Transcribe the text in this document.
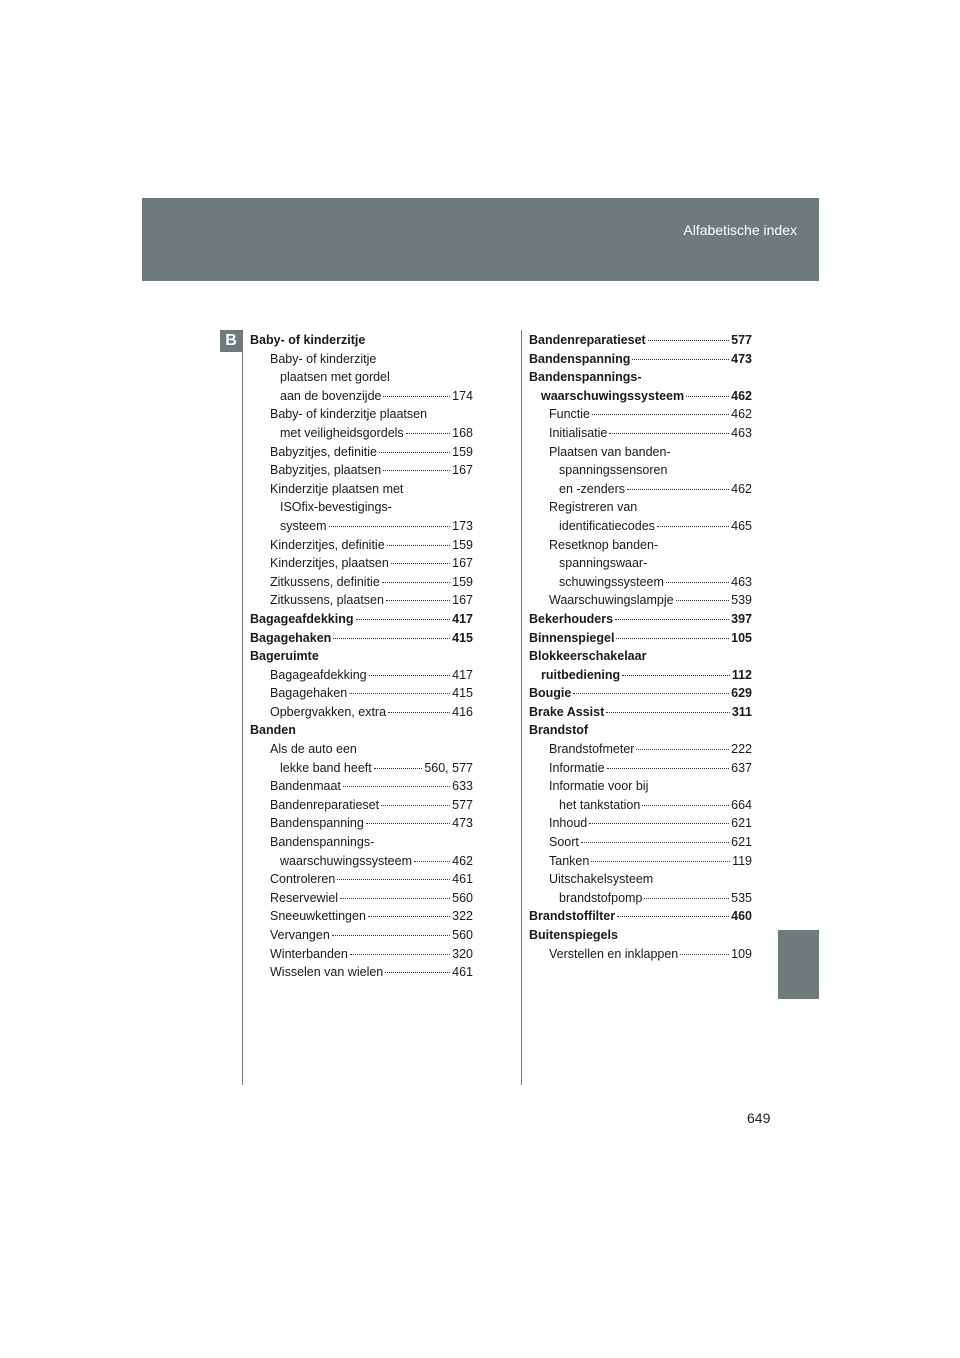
Alfabetische index
B	Baby- of kinderzitje
Baby- of kinderzitje
plaatsen met gordel
aan de bovenzijde	174
Baby- of kinderzitje plaatsen
met veiligheidsgordels	168
Babyzitjes, definitie	159
Babyzitjes, plaatsen	167
Kinderzitje plaatsen met
ISOfix-bevestigings-
systeem	173
Kinderzitjes, definitie	159
Kinderzitjes, plaatsen	167
Zitkussens, definitie	159
Zitkussens, plaatsen	167
Bagageafdekking	417
Bagagehaken	415
Bageruimte
Bagageafdekking	417
Bagagehaken	415
Opbergvakken, extra	416
Banden
Als de auto een
lekke band heeft	560, 577
Bandenmaat	633
Bandenreparatieset	577
Bandenspanning	473
Bandenspannings-
waarschuwingssysteem	462
Controleren	461
Reservewiel	560
Sneeuwkettingen	322
Vervangen	560
Winterbanden	320
Wisselen van wielen	461
Bandenreparatieset	577
Bandenspanning	473
Bandenspannings-
waarschuwingssysteem	462
Functie	462
Initialisatie	463
Plaatsen van banden-
spanningssensoren
en -zenders	462
Registreren van
identificatiecodes	465
Resetknop banden-
spanningswaar-
schuwingssysteem	463
Waarschuwingslampje	539
Bekerhouders	397
Binnenspiegel	105
Blokkeerschakelaar
ruitbediening	112
Bougie	629
Brake Assist	311
Brandstof
Brandstofmeter	222
Informatie	637
Informatie voor bij
het tankstation	664
Inhoud	621
Soort	621
Tanken	119
Uitschakelsysteem
brandstofpomp	535
Brandstoffilter	460
Buitenspiegels
Verstellen en inklappen	109
649
